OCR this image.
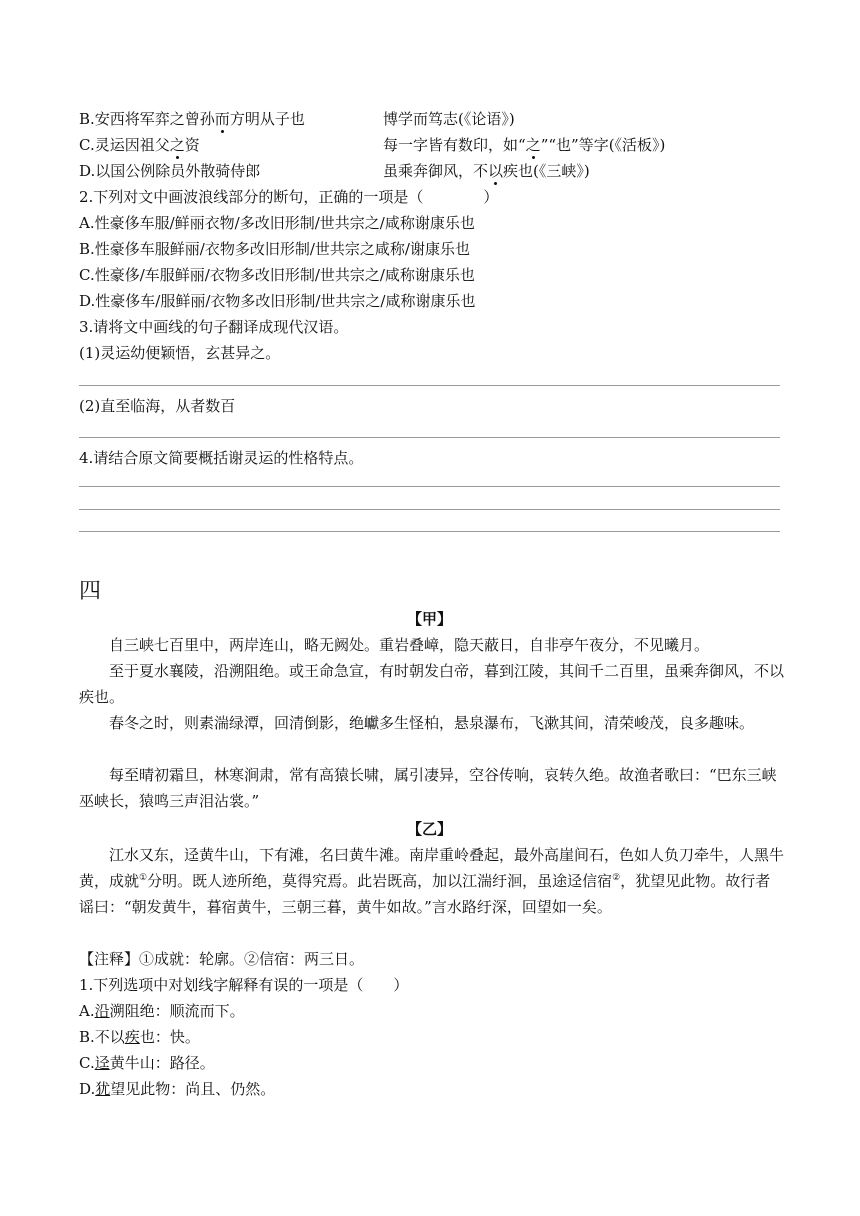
B.安西将军弈之曾孙而方明从子也	博学而笃志(《论语》)
C.灵运因祖父之资	每一字皆有数印，如“之”“也”等字(《活板》)
D.以国公例除员外散骑侍郎	虽乘奔御风，不以疾也(《三峡》)
2.下列对文中画波浪线部分的断句，正确的一项是（	）
A.性豪侈车服/鲜丽衣物/多改旧形制/世共宗之/咸称谢康乐也
B.性豪侈车服鲜丽/衣物多改旧形制/世共宗之咸称/谢康乐也
C.性豪侈/车服鲜丽/衣物多改旧形制/世共宗之/咸称谢康乐也
D.性豪侈车/服鲜丽/衣物多改旧形制/世共宗之/咸称谢康乐也
3.请将文中画线的句子翻译成现代汉语。
(1)灵运幼便颖悟，玄甚异之。
(2)直至临海，从者数百
4.请结合原文简要概括谢灵运的性格特点。
四
【甲】
自三峡七百里中，两岸连山，略无阙处。重岩叠嶂，隐天蔽日，自非亭午夜分，不见曦月。
至于夏水襄陵，沿溯阻绝。或王命急宣，有时朝发白帝，暮到江陵，其间千二百里，虽乘奔御风，不以疾也。
春冬之时，则素湍绿潭，回清倒影，绝巘多生怪柏，悬泉瀑布，飞漱其间，清荣峻茂，良多趣味。
每至晴初霜旦，林寒涧肃，常有高猿长啸，属引凄异，空谷传响，哀转久绝。故渔者歌曰：“巴东三峡巫峡长，猿鸣三声泪沾裳。”
【乙】
江水又东，迳黄牛山，下有滩，名曰黄牛滩。南岸重岭叠起，最外高崖间石，色如人负刀牵牛，人黑牛黄，成就①分明。既人迹所绝，莫得究焉。此岩既高，加以江湍纡洄，虽途迳信宿②，犹望见此物。故行者谣曰：“朝发黄牛，暮宿黄牛，三朝三暮，黄牛如故。”言水路纡深，回望如一矣。
【注释】①成就：轮廓。②信宿：两三日。
1.下列选项中对划线字解释有误的一项是（　　）
A.沿溯阻绝：顺流而下。
B.不以疾也：快。
C.迳黄牛山：路径。
D.犹望见此物：尚且、仍然。
